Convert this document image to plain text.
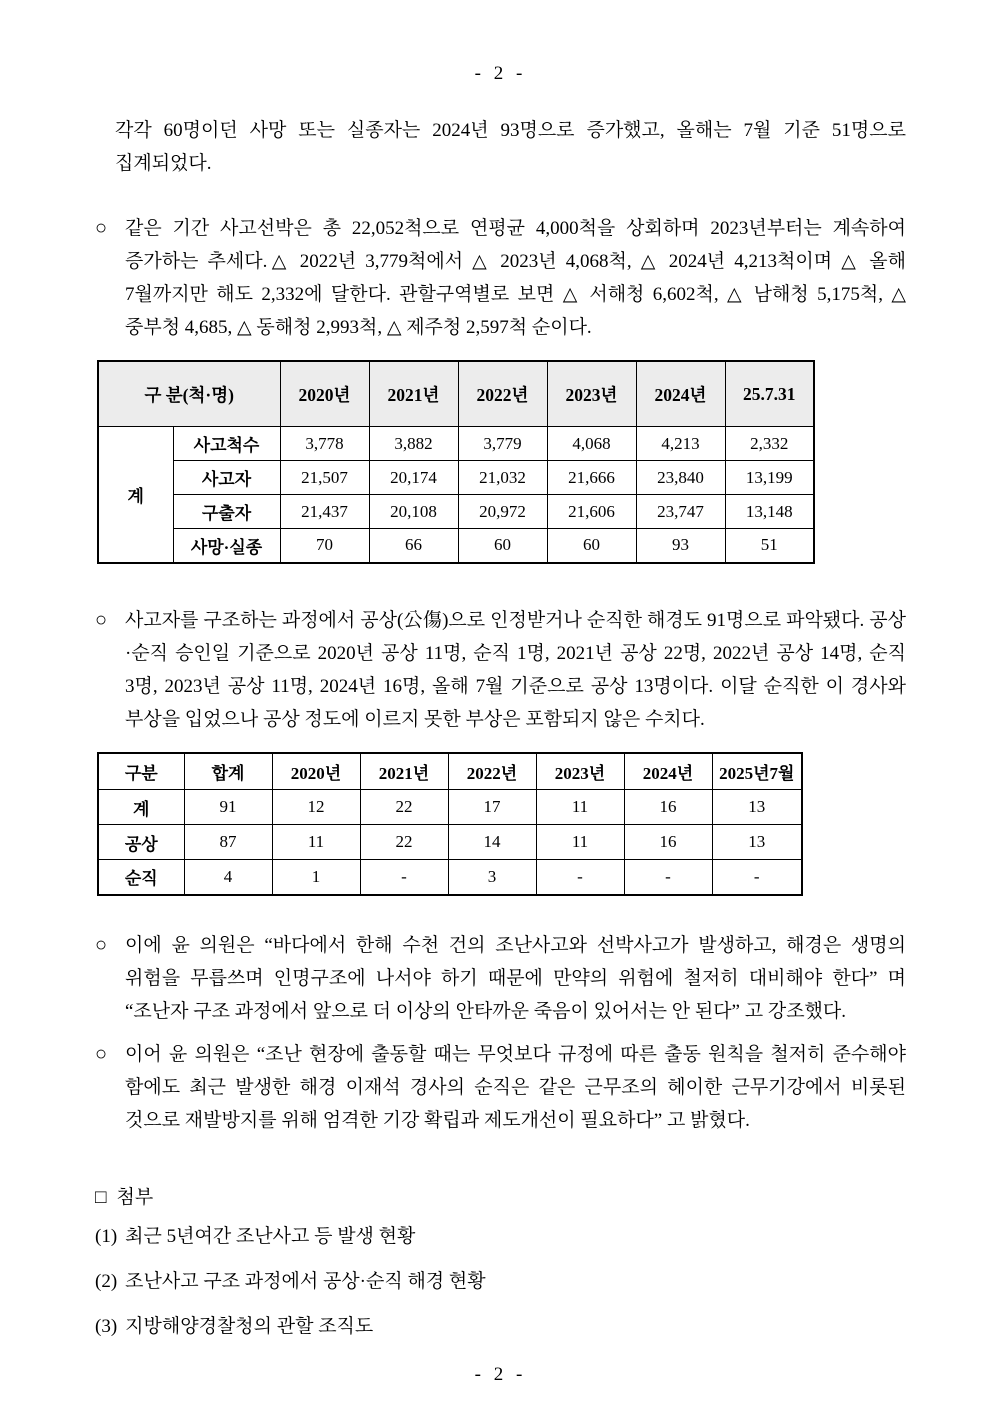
- 2 -

각각 60명이던 사망 또는 실종자는 2024년 93명으로 증가했고, 올해는 7월 기준 51명으로 집계되었다.

○ 같은 기간 사고선박은 총 22,052척으로 연평균 4,000척을 상회하며 2023년부터는 계속하여 증가하는 추세다.△ 2022년 3,779척에서 △ 2023년 4,068척, △ 2024년 4,213척이며 △ 올해 7월까지만 해도 2,332에 달한다. 관할구역별로 보면 △ 서해청 6,602척, △ 남해청 5,175척, △ 중부청 4,685, △ 동해청 2,993척, △ 제주청 2,597척 순이다.
구 분(척·명)		2020년	2021년	2022년	2023년	2024년	25.7.31
계	사고척수	3,778	3,882	3,779	4,068	4,213	2,332
	사고자	21,507	20,174	21,032	21,666	23,840	13,199
	구출자	21,437	20,108	20,972	21,606	23,747	13,148
	사망·실종	70	66	60	60	93	51
○ 사고자를 구조하는 과정에서 공상(公傷)으로 인정받거나 순직한 해경도 91명으로 파악됐다. 공상·순직 승인일 기준으로 2020년 공상 11명, 순직 1명, 2021년 공상 22명, 2022년 공상 14명, 순직 3명, 2023년 공상 11명, 2024년 16명, 올해 7월 기준으로 공상 13명이다. 이달 순직한 이 경사와 부상을 입었으나 공상 정도에 이르지 못한 부상은 포함되지 않은 수치다.
구분	합계	2020년	2021년	2022년	2023년	2024년	2025년7월
계	91	12	22	17	11	16	13
공상	87	11	22	14	11	16	13
순직	4	1	-	3	-	-	-
○ 이에 윤 의원은 “바다에서 한해 수천 건의 조난사고와 선박사고가 발생하고, 해경은 생명의 위험을 무릅쓰며 인명구조에 나서야 하기 때문에 만약의 위험에 철저히 대비해야 한다” 며 “조난자 구조 과정에서 앞으로 더 이상의 안타까운 죽음이 있어서는 안 된다” 고 강조했다.
○ 이어 윤 의원은 “조난 현장에 출동할 때는 무엇보다 규정에 따른 출동 원칙을 철저히 준수해야 함에도 최근 발생한 해경 이재석 경사의 순직은 같은 근무조의 헤이한 근무기강에서 비롯된 것으로 재발방지를 위해 엄격한 기강 확립과 제도개선이 필요하다” 고 밝혔다.
□ 첨부
(1) 최근 5년여간 조난사고 등 발생 현황
(2) 조난사고 구조 과정에서 공상·순직 해경 현황
(3) 지방해양경찰청의 관할 조직도
- 2 -
